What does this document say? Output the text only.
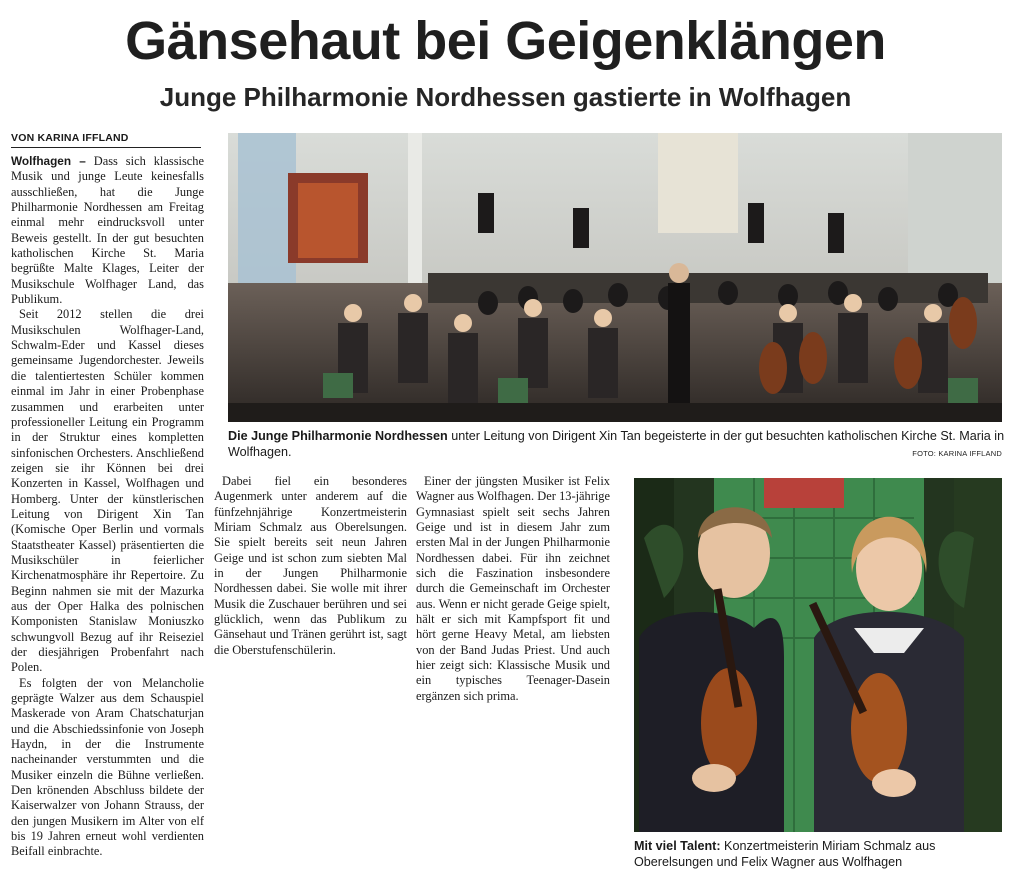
Gänsehaut bei Geigenklängen
Junge Philharmonie Nordhessen gastierte in Wolfhagen
VON KARINA IFFLAND

Wolfhagen – Dass sich klassische Musik und junge Leute keinesfalls ausschließen, hat die Junge Philharmonie Nordhessen am Freitag einmal mehr eindrucksvoll unter Beweis gestellt. In der gut besuchten katholischen Kirche St. Maria begrüßte Malte Klages, Leiter der Musikschule Wolfhager Land, das Publikum.

Seit 2012 stellen die drei Musikschulen Wolfhager-Land, Schwalm-Eder und Kassel dieses gemeinsame Jugendorchester. Jeweils die talentiertesten Schüler kommen einmal im Jahr in einer Probenphase zusammen und erarbeiten unter professioneller Leitung ein Programm in der Struktur eines kompletten sinfonischen Orchesters. Anschließend zeigen sie ihr Können bei drei Konzerten in Kassel, Wolfhagen und Homberg. Unter der künstlerischen Leitung von Dirigent Xin Tan (Komische Oper Berlin und vormals Staatstheater Kassel) präsentierten die Musikschüler in feierlicher Kirchenatmosphäre ihr Repertoire. Zu Beginn nahmen sie mit der Mazurka aus der Oper Halka des polnischen Komponisten Stanislaw Moniuszko schwungvoll Bezug auf ihr Reiseziel der diesjährigen Probenfahrt nach Polen.

Es folgten der von Melancholie geprägte Walzer aus dem Schauspiel Maskerade von Aram Chatschaturjan und die Abschiedssinfonie von Joseph Haydn, in der die Instrumente nacheinander verstummten und die Musiker einzeln die Bühne verließen. Den krönenden Abschluss bildete der Kaiserwalzer von Johann Strauss, der den jungen Musikern im Alter von elf bis 19 Jahren erneut wohl verdienten Beifall einbrachte.

Dabei fiel ein besonderes Augenmerk unter anderem auf die fünfzehnjährige Konzertmeisterin Miriam Schmalz aus Oberelsungen. Sie spielt bereits seit neun Jahren Geige und ist schon zum siebten Mal in der Jungen Philharmonie Nordhessen dabei. Sie wolle mit ihrer Musik die Zuschauer berühren und sei glücklich, wenn das Publikum zu Gänsehaut und Tränen gerührt ist, sagt die Oberstufenschülerin.

Einer der jüngsten Musiker ist Felix Wagner aus Wolfhagen. Der 13-jährige Gymnasiast spielt seit sechs Jahren Geige und ist in diesem Jahr zum ersten Mal in der Jungen Philharmonie Nordhessen dabei. Für ihn zeichnet sich die Faszination insbesondere durch die Gemeinschaft im Orchester aus. Wenn er nicht gerade Geige spielt, hält er sich mit Kampfsport fit und hört gerne Heavy Metal, am liebsten von der Band Judas Priest. Und auch hier zeigt sich: Klassische Musik und ein typisches Teenager-Dasein ergänzen sich prima.

Die Junge Philharmonie Nordhessen unter Leitung von Dirigent Xin Tan begeisterte in der gut besuchten katholischen Kirche St. Maria in Wolfhagen.	FOTO: KARINA IFFLAND
Mit viel Talent: Konzertmeisterin Miriam Schmalz aus Oberelsungen und Felix Wagner aus Wolfhagen
